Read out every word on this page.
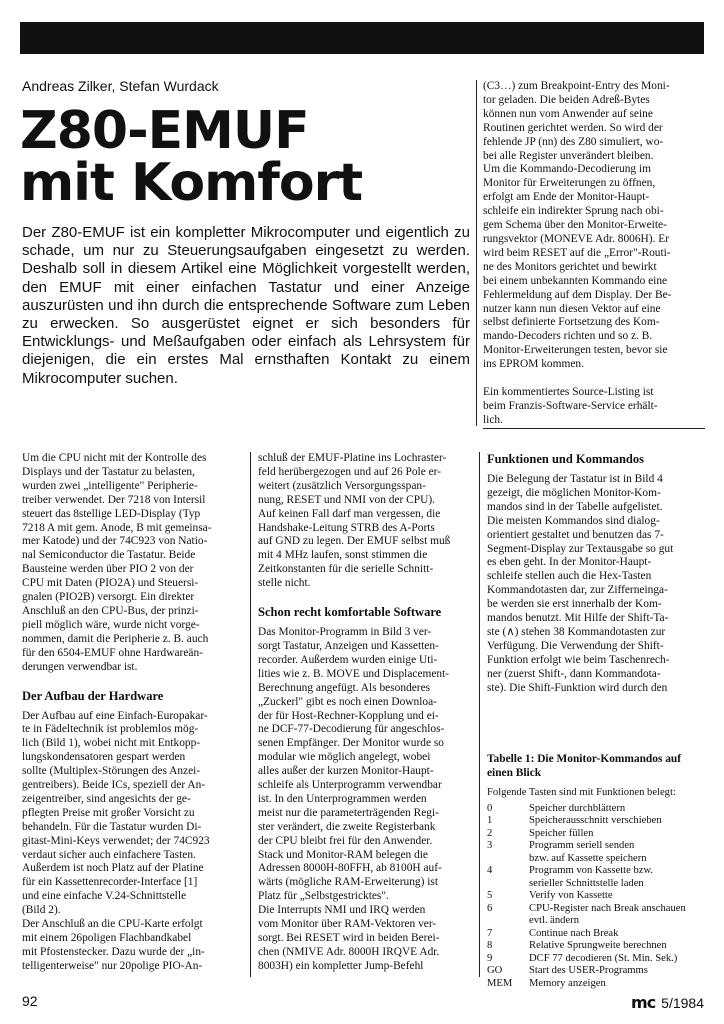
Andreas Zilker, Stefan Wurdack
Z80-EMUF
mit Komfort
Der Z80-EMUF ist ein kompletter Mikrocomputer und eigentlich zu schade, um nur zu Steuerungsaufgaben eingesetzt zu werden. Deshalb soll in diesem Artikel eine Möglichkeit vorgestellt werden, den EMUF mit einer einfachen Tastatur und einer Anzeige auszurüsten und ihn durch die entsprechende Software zum Leben zu erwecken. So ausgerüstet eignet er sich besonders für Entwicklungs- und Meßaufgaben oder einfach als Lehrsystem für diejenigen, die ein erstes Mal ernsthaften Kontakt zu einem Mikrocomputer suchen.

(C3…) zum Breakpoint-Entry des Moni-

tor geladen. Die beiden Adreß-Bytes

können nun vom Anwender auf seine

Routinen gerichtet werden. So wird der

fehlende JP (nn) des Z80 simuliert, wo-

bei alle Register unverändert bleiben.

Um die Kommando-Decodierung im

Monitor für Erweiterungen zu öffnen,

erfolgt am Ende der Monitor-Haupt-

schleife ein indirekter Sprung nach obi-

gem Schema über den Monitor-Erweite-

rungsvektor (MONEVE Adr. 8006H). Er

wird beim RESET auf die „Error"-Routi-

ne des Monitors gerichtet und bewirkt

bei einem unbekannten Kommando eine

Fehlermeldung auf dem Display. Der Be-

nutzer kann nun diesen Vektor auf eine

selbst definierte Fortsetzung des Kom-

mando-Decoders richten und so z. B.

Monitor-Erweiterungen testen, bevor sie

ins EPROM kommen.

Ein kommentiertes Source-Listing ist

beim Franzis-Software-Service erhält-

lich.

Um die CPU nicht mit der Kontrolle des

Displays und der Tastatur zu belasten,

wurden zwei „intelligente" Peripherie-

treiber verwendet. Der 7218 von Intersil

steuert das 8stellige LED-Display (Typ

7218 A mit gem. Anode, B mit gemeinsa-

mer Katode) und der 74C923 von Natio-

nal Semiconductor die Tastatur. Beide

Bausteine werden über PIO 2 von der

CPU mit Daten (PIO2A) und Steuersi-

gnalen (PIO2B) versorgt. Ein direkter

Anschluß an den CPU-Bus, der prinzi-

piell möglich wäre, wurde nicht vorge-

nommen, damit die Peripherie z. B. auch

für den 6504-EMUF ohne Hardwareän-

derungen verwendbar ist.

Der Aufbau der Hardware

Der Aufbau auf eine Einfach-Europakar-

te in Fädeltechnik ist problemlos mög-

lich (Bild 1), wobei nicht mit Entkopp-

lungskondensatoren gespart werden

sollte (Multiplex-Störungen des Anzei-

gentreibers). Beide ICs, speziell der An-

zeigentreiber, sind angesichts der ge-

pflegten Preise mit großer Vorsicht zu

behandeln. Für die Tastatur wurden Di-

gitast-Mini-Keys verwendet; der 74C923

verdaut sicher auch einfachere Tasten.

Außerdem ist noch Platz auf der Platine

für ein Kassettenrecorder-Interface [1]

und eine einfache V.24-Schnittstelle

(Bild 2).

Der Anschluß an die CPU-Karte erfolgt

mit einem 26poligen Flachbandkabel

mit Pfostenstecker. Dazu wurde der „in-

telligenterweise" nur 20polige PIO-An-

schluß der EMUF-Platine ins Lochraster-

feld herübergezogen und auf 26 Pole er-

weitert (zusätzlich Versorgungsspan-

nung, RESET und NMI von der CPU).

Auf keinen Fall darf man vergessen, die

Handshake-Leitung STRB des A-Ports

auf GND zu legen. Der EMUF selbst muß

mit 4 MHz laufen, sonst stimmen die

Zeitkonstanten für die serielle Schnitt-

stelle nicht.

Schon recht komfortable Software

Das Monitor-Programm in Bild 3 ver-

sorgt Tastatur, Anzeigen und Kassetten-

recorder. Außerdem wurden einige Uti-

lities wie z. B. MOVE und Displacement-

Berechnung angefügt. Als besonderes

„Zuckerl" gibt es noch einen Downloa-

der für Host-Rechner-Kopplung und ei-

ne DCF-77-Decodierung für angeschlos-

senen Empfänger. Der Monitor wurde so

modular wie möglich angelegt, wobei

alles außer der kurzen Monitor-Haupt-

schleife als Unterprogramm verwendbar

ist. In den Unterprogrammen werden

meist nur die parameterträgenden Regi-

ster verändert, die zweite Registerbank

der CPU bleibt frei für den Anwender.

Stack und Monitor-RAM belegen die

Adressen 8000H-80FFH, ab 8100H auf-

wärts (mögliche RAM-Erweiterung) ist

Platz für „Selbstgestricktes".

Die Interrupts NMI und IRQ werden

vom Monitor über RAM-Vektoren ver-

sorgt. Bei RESET wird in beiden Berei-

chen (NMIVE Adr. 8000H IRQVE Adr.

8003H) ein kompletter Jump-Befehl

Funktionen und Kommandos

Die Belegung der Tastatur ist in Bild 4

gezeigt, die möglichen Monitor-Kom-

mandos sind in der Tabelle aufgelistet.

Die meisten Kommandos sind dialog-

orientiert gestaltet und benutzen das 7-

Segment-Display zur Textausgabe so gut

es eben geht. In der Monitor-Haupt-

schleife stellen auch die Hex-Tasten

Kommandotasten dar, zur Zifferneinga-

be werden sie erst innerhalb der Kom-

mandos benutzt. Mit Hilfe der Shift-Ta-

ste (∧) stehen 38 Kommandotasten zur

Verfügung. Die Verwendung der Shift-

Funktion erfolgt wie beim Taschenrech-

ner (zuerst Shift-, dann Kommandota-

ste). Die Shift-Funktion wird durch den

Tabelle 1: Die Monitor-Kommandos auf
einen Blick

Folgende Tasten sind mit Funktionen belegt:

0	Speicher durchblättern
1	Speicherausschnitt verschieben
2	Speicher füllen
3	Programm seriell senden
bzw. auf Kassette speichern
4	Programm von Kassette bzw.
serieller Schnittstelle laden
5	Verify von Kassette
6	CPU-Register nach Break anschauen
evtl. ändern
7	Continue nach Break
8	Relative Sprungweite berechnen
9	DCF 77 decodieren (St. Min. Sek.)
GO	Start des USER-Programms
MEM	Memory anzeigen
92	mc 5/1984
